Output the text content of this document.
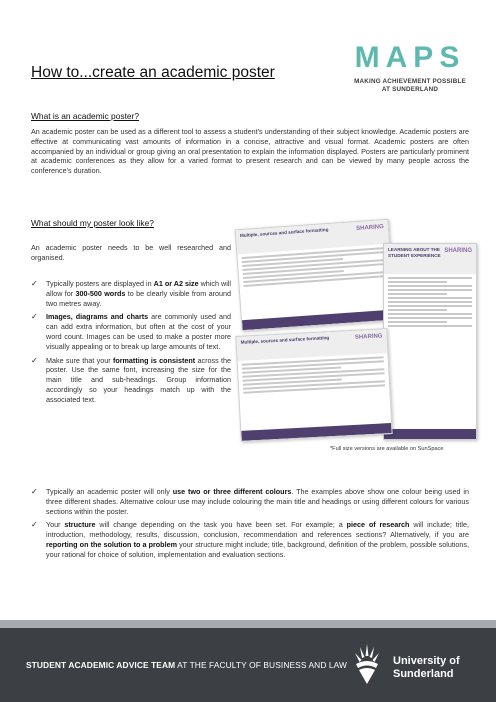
How to...create an academic poster	MAPS
MAKING ACHIEVEMENT POSSIBLE
AT SUNDERLAND
What is an academic poster?

An academic poster can be used as a different tool to assess a student’s understanding of their subject knowledge. Academic posters are effective at communicating vast amounts of information in a concise, attractive and visual format. Academic posters are often accompanied by an individual or group giving an oral presentation to explain the information displayed. Posters are particularly prominent at academic conferences as they allow for a varied format to present research and can be viewed by many people across the conference’s duration.

What should my poster look like?

An academic poster needs to be well researched and organised.

✓ Typically posters are displayed in A1 or A2 size which will allow for 300-500 words to be clearly visible from around two metres away.
✓ Images, diagrams and charts are commonly used and can add extra information, but often at the cost of your word count. Images can be used to make a poster more visually appealing or to break up large amounts of text.
✓ Make sure that your formatting is consistent across the poster. Use the same font, increasing the size for the main title and sub-headings. Group information accordingly so your headings match up with the associated text.
Multiple, sources and surface formatting	SHARING
LEARNING ABOUT THE STUDENT EXPERIENCE
SHARING
Multiple, sources and surface formatting	SHARING
*Full size versions are available on SunSpace
✓ Typically an academic poster will only use two or three different colours. The examples above show one colour being used in three different shades. Alternative colour use may include colouring the main title and headings or using different colours for various sections within the poster.
✓ Your structure will change depending on the task you have been set. For example; a piece of research will include; title, introduction, methodology, results, discussion, conclusion, recommendation and references sections? Alternatively, if you are reporting on the solution to a problem your structure might include; title, background, definition of the problem, possible solutions, your rational for choice of solution, implementation and evaluation sections.
STUDENT ACADEMIC ADVICE TEAM AT THE FACULTY OF BUSINESS AND LAW	University of
Sunderland
